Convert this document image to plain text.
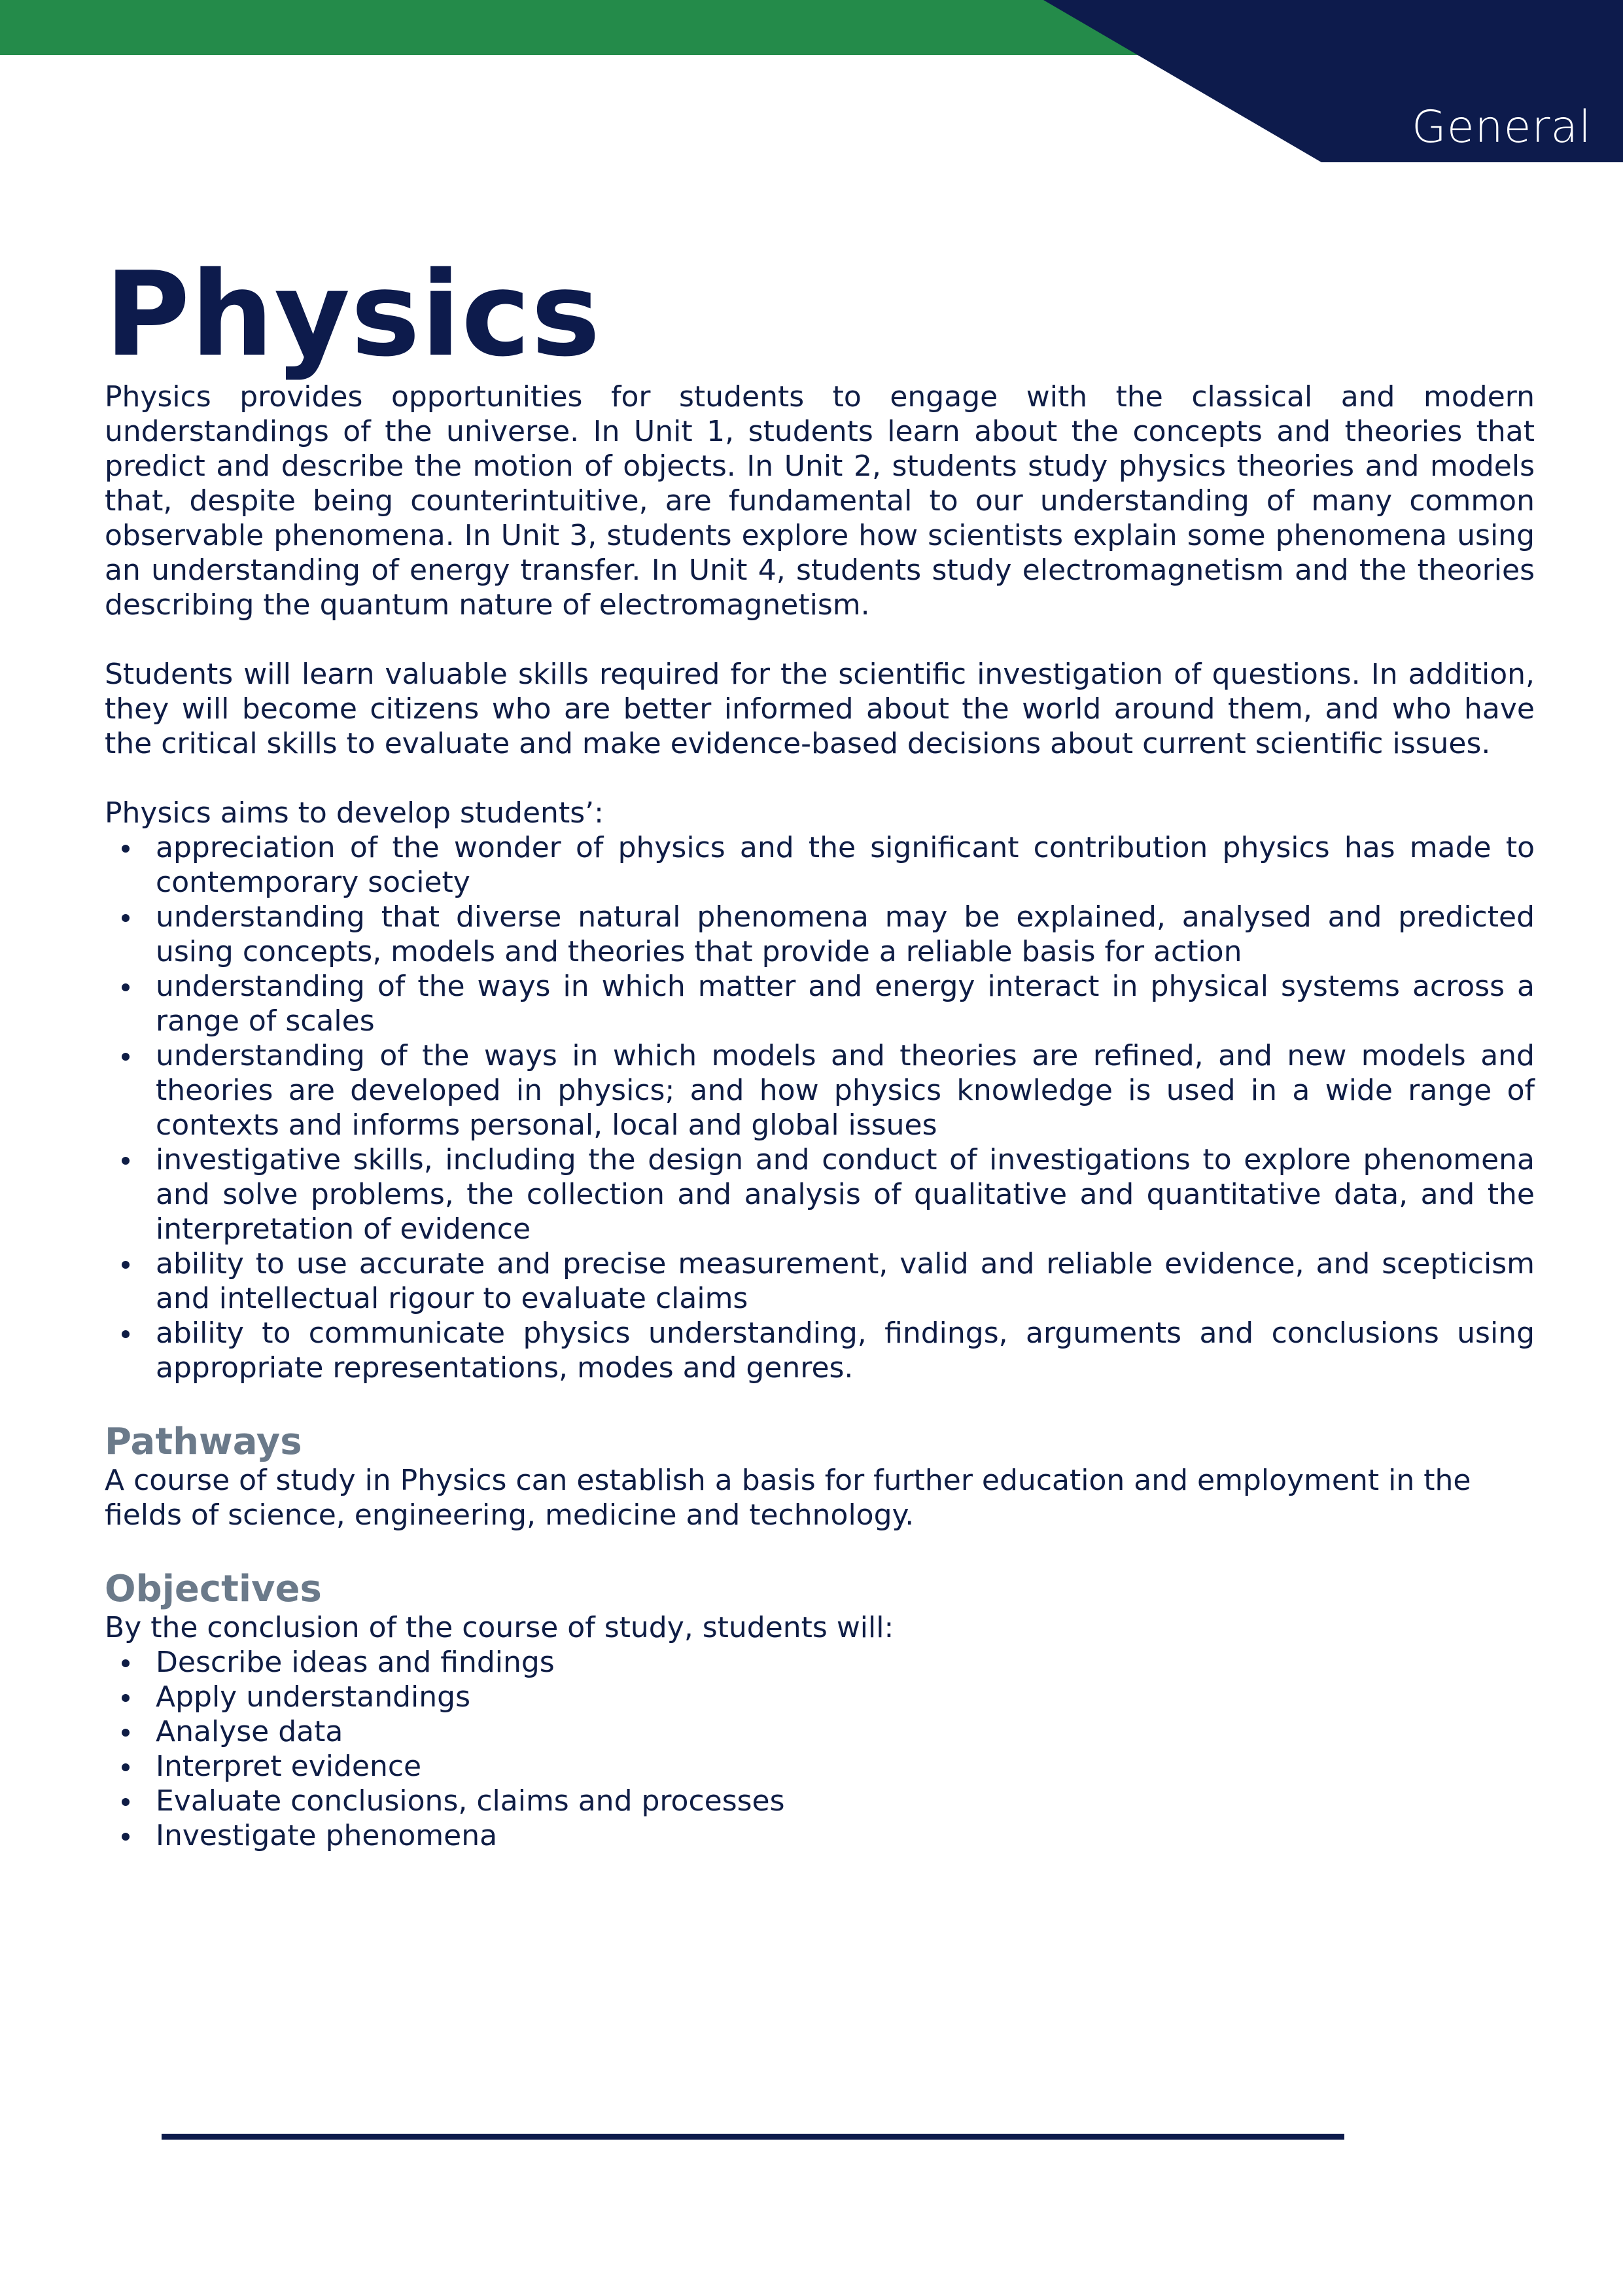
General
Physics

Physics provides opportunities for students to engage with the classical and modern understandings of the universe. In Unit 1, students learn about the concepts and theories that predict and describe the motion of objects. In Unit 2, students study physics theories and models that, despite being counterintuitive, are fundamental to our understanding of many common observable phenomena. In Unit 3, students explore how scientists explain some phenomena using an understanding of energy transfer. In Unit 4, students study electromagnetism and the theories describing the quantum nature of electromagnetism.

Students will learn valuable skills required for the scientific investigation of questions. In addition, they will become citizens who are better informed about the world around them, and who have the critical skills to evaluate and make evidence-based decisions about current scientific issues.

Physics aims to develop students’:

appreciation of the wonder of physics and the significant contribution physics has made to contemporary society
understanding that diverse natural phenomena may be explained, analysed and predicted using concepts, models and theories that provide a reliable basis for action
understanding of the ways in which matter and energy interact in physical systems across a range of scales
understanding of the ways in which models and theories are refined, and new models and theories are developed in physics; and how physics knowledge is used in a wide range of contexts and informs personal, local and global issues
investigative skills, including the design and conduct of investigations to explore phenomena and solve problems, the collection and analysis of qualitative and quantitative data, and the interpretation of evidence
ability to use accurate and precise measurement, valid and reliable evidence, and scepticism and intellectual rigour to evaluate claims
ability to communicate physics understanding, findings, arguments and conclusions using appropriate representations, modes and genres.
Pathways

A course of study in Physics can establish a basis for further education and employment in the fields of science, engineering, medicine and technology.

Objectives

By the conclusion of the course of study, students will:

Describe ideas and findings
Apply understandings
Analyse data
Interpret evidence
Evaluate conclusions, claims and processes
Investigate phenomena
